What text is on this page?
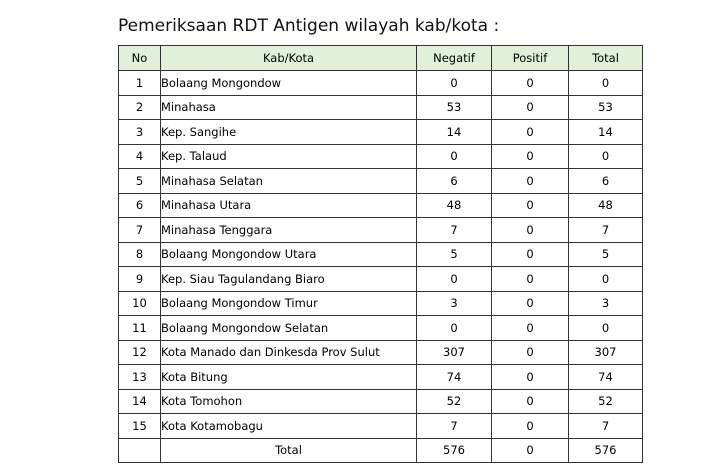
Pemeriksaan RDT Antigen wilayah kab/kota :
No	Kab/Kota	Negatif	Positif	Total
1	Bolaang Mongondow	0	0	0
2	Minahasa	53	0	53
3	Kep. Sangihe	14	0	14
4	Kep. Talaud	0	0	0
5	Minahasa Selatan	6	0	6
6	Minahasa Utara	48	0	48
7	Minahasa Tenggara	7	0	7
8	Bolaang Mongondow Utara	5	0	5
9	Kep. Siau Tagulandang Biaro	0	0	0
10	Bolaang Mongondow Timur	3	0	3
11	Bolaang Mongondow Selatan	0	0	0
12	Kota Manado dan Dinkesda Prov Sulut	307	0	307
13	Kota Bitung	74	0	74
14	Kota Tomohon	52	0	52
15	Kota Kotamobagu	7	0	7
	Total	576	0	576
